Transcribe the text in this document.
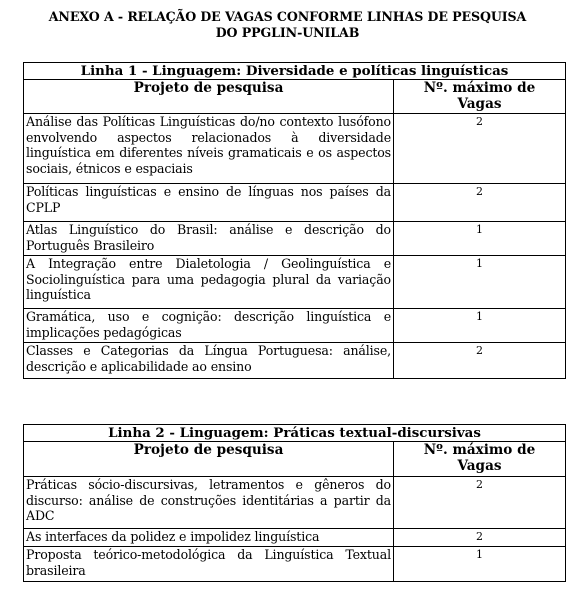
ANEXO A - RELAÇÃO DE VAGAS CONFORME LINHAS DE PESQUISA
DO PPGLIN-UNILAB
Linha 1 - Linguagem: Diversidade e políticas linguísticas	
Projeto de pesquisa	Nº. máximo de
Vagas
Análise das Políticas Linguísticas do/no contexto lusófono envolvendo aspectos relacionados à diversidade linguística em diferentes níveis gramaticais e os aspectos sociais, étnicos e espaciais	2
Políticas linguísticas e ensino de línguas nos países da CPLP	2
Atlas Linguístico do Brasil: análise e descrição do Português Brasileiro	1
A Integração entre Dialetologia / Geolinguística e Sociolinguística para uma pedagogia plural da variação linguística	1
Gramática, uso e cognição: descrição linguística e implicações pedagógicas	1
Classes e Categorias da Língua Portuguesa: análise, descrição e aplicabilidade ao ensino	2
Linha 2 - Linguagem: Práticas textual-discursivas	
Projeto de pesquisa	Nº. máximo de
Vagas
Práticas sócio-discursivas, letramentos e gêneros do discurso: análise de construções identitárias a partir da ADC	2
As interfaces da polidez e impolidez linguística	2
Proposta teórico-metodológica da Linguística Textual brasileira	1
